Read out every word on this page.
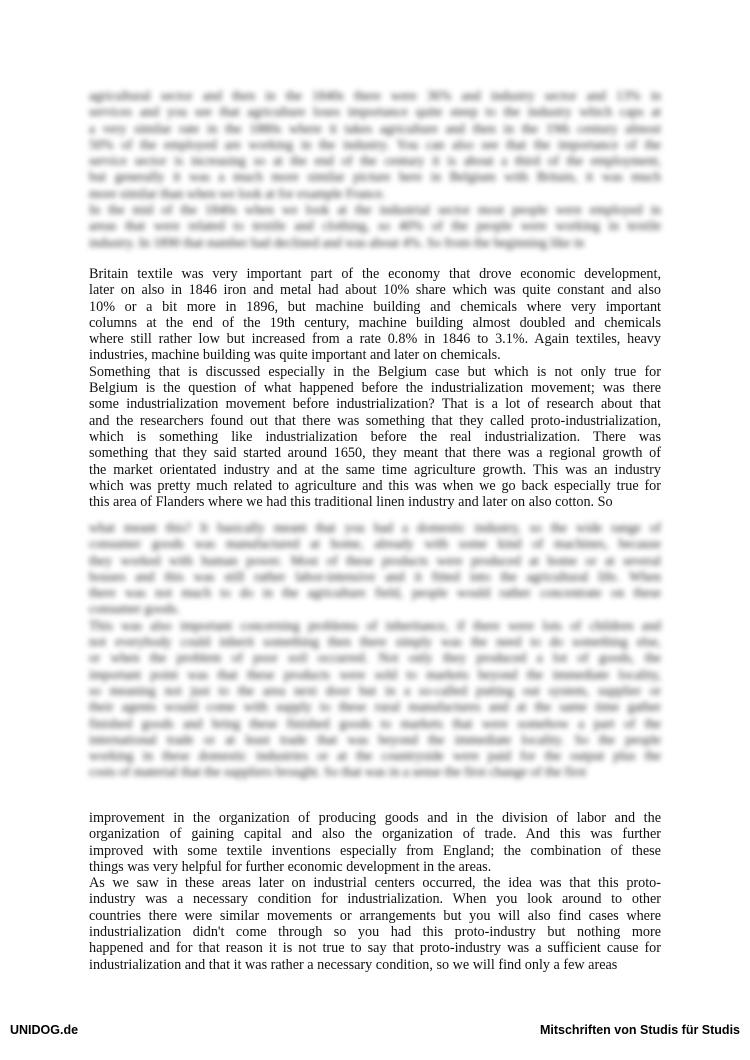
agricultural sector and then in the 1840s there were 36% and industry sector and 13% in
services and you see that agriculture loses importance quite steep to the industry which caps at
a very similar rate in the 1880s where it takes agriculture and then in the 19th century almost
50% of the employed are working in the industry. You can also see that the importance of the
service sector is increasing so at the end of the century it is about a third of the employment,
but generally it was a much more similar picture here in Belgium with Britain, it was much
more similar than when we look at for example France.
In the mid of the 1840s when we look at the industrial sector most people were employed in
areas that were related to textile and clothing, so 40% of the people were working in textile
industry. In 1890 that number had declined and was about 4%. So from the beginning like in
Britain textile was very important part of the economy that drove economic development,
later on also in 1846 iron and metal had about 10% share which was quite constant and also
10% or a bit more in 1896, but machine building and chemicals where very important
columns at the end of the 19th century, machine building almost doubled and chemicals
where still rather low but increased from a rate 0.8% in 1846 to 3.1%. Again textiles, heavy
industries, machine building was quite important and later on chemicals.
Something that is discussed especially in the Belgium case but which is not only true for
Belgium is the question of what happened before the industrialization movement; was there
some industrialization movement before industrialization? That is a lot of research about that
and the researchers found out that there was something that they called proto-industrialization,
which is something like industrialization before the real industrialization. There was
something that they said started around 1650, they meant that there was a regional growth of
the market orientated industry and at the same time agriculture growth. This was an industry
which was pretty much related to agriculture and this was when we go back especially true for
this area of Flanders where we had this traditional linen industry and later on also cotton. So
what meant this? It basically meant that you had a domestic industry, so the wide range of
consumer goods was manufactured at home, already with some kind of machines, because
they worked with human power. Most of these products were produced at home or at several
houses and this was still rather labor-intensive and it fitted into the agricultural life. When
there was not much to do in the agriculture field, people would rather concentrate on these
consumer goods.
This was also important concerning problems of inheritance, if there were lots of children and
not everybody could inherit something then there simply was the need to do something else,
or when the problem of poor soil occurred. Not only they produced a lot of goods, the
important point was that these products were sold to markets beyond the immediate locality,
so meaning not just to the area next door but in a so-called putting out system, supplier or
their agents would come with supply to these rural manufactures and at the same time gather
finished goods and bring these finished goods to markets that were somehow a part of the
international trade or at least trade that was beyond the immediate locality. So the people
working in these domestic industries or at the countryside were paid for the output plus the
costs of material that the suppliers brought. So that was in a sense the first change of the first
improvement in the organization of producing goods and in the division of labor and the
organization of gaining capital and also the organization of trade. And this was further
improved with some textile inventions especially from England; the combination of these
things was very helpful for further economic development in the areas.
As we saw in these areas later on industrial centers occurred, the idea was that this proto-
industry was a necessary condition for industrialization. When you look around to other
countries there were similar movements or arrangements but you will also find cases where
industrialization didn't come through so you had this proto-industry but nothing more
happened and for that reason it is not true to say that proto-industry was a sufficient cause for
industrialization and that it was rather a necessary condition, so we will find only a few areas
UNIDOG.de	Mitschriften von Studis für Studis
